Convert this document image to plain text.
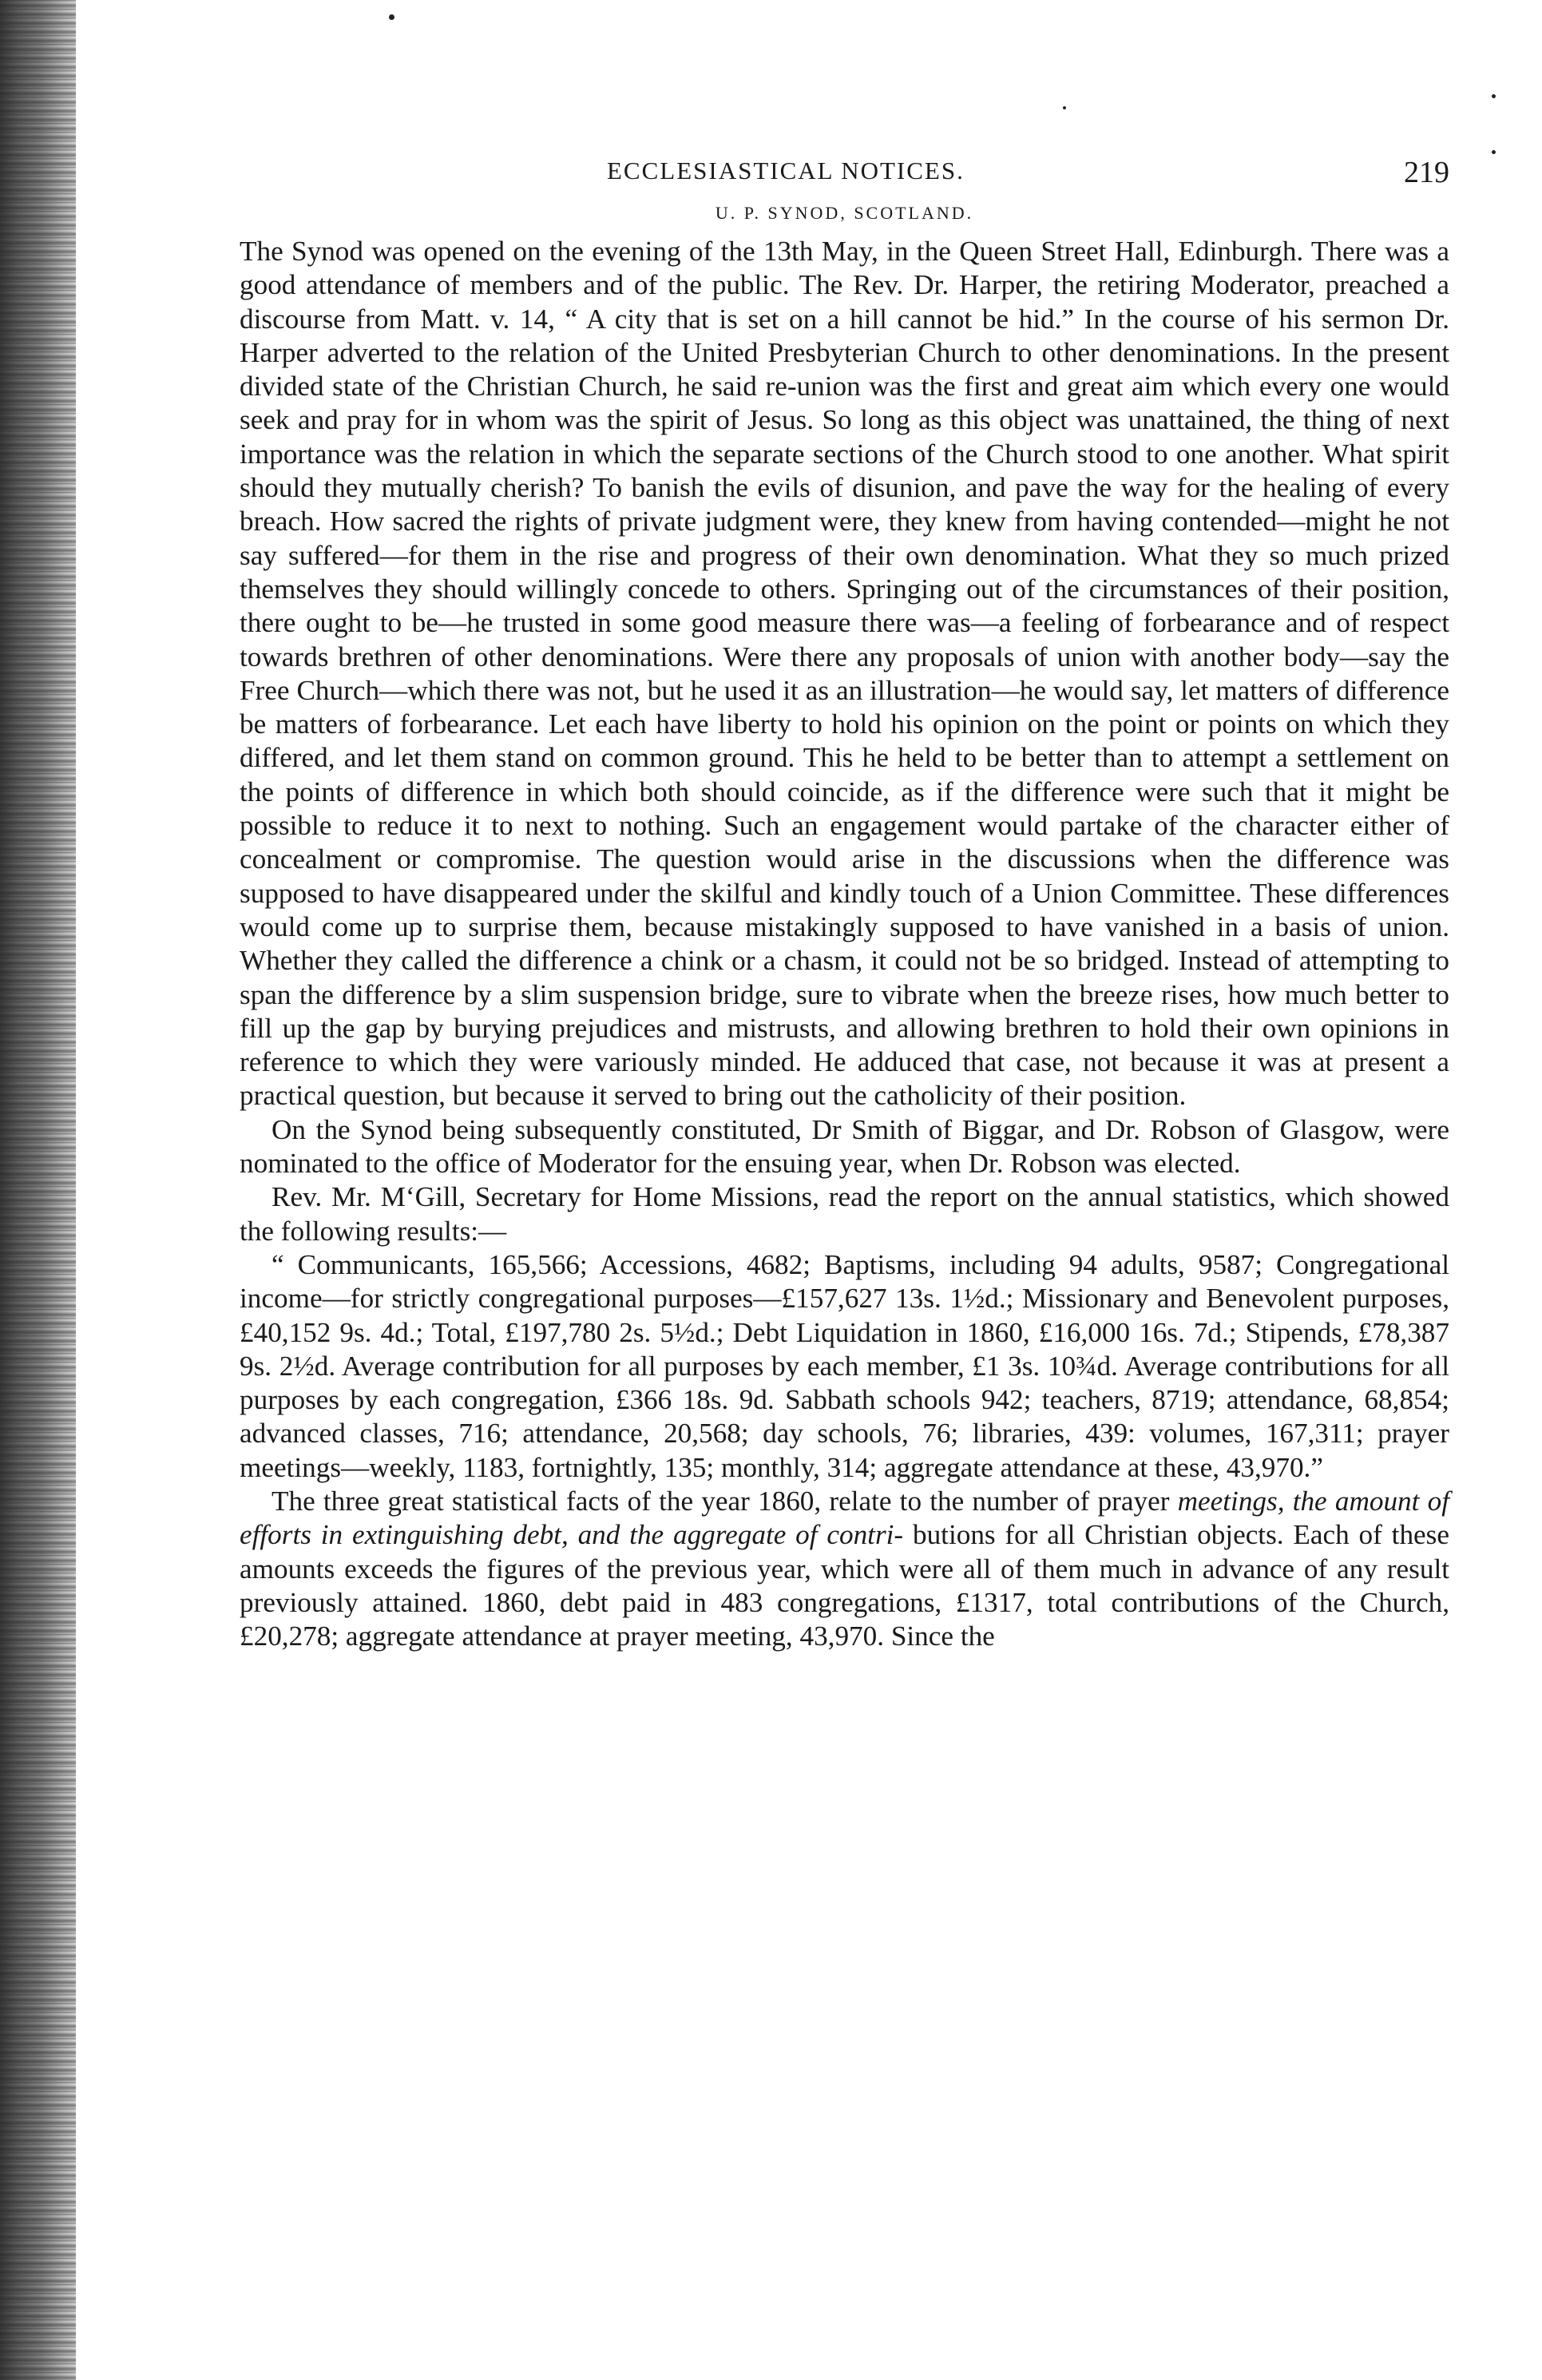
ECCLESIASTICAL NOTICES.	219
U. P. SYNOD, SCOTLAND.

The Synod was opened on the evening of the 13th May, in the Queen Street Hall, Edinburgh. There was a good attendance of members and of the public. The Rev. Dr. Harper, the retiring Moderator, preached a discourse from Matt. v. 14, “ A city that is set on a hill cannot be hid.” In the course of his sermon Dr. Harper adverted to the relation of the United Presbyterian Church to other denominations. In the present divided state of the Christian Church, he said re-union was the first and great aim which every one would seek and pray for in whom was the spirit of Jesus. So long as this object was unattained, the thing of next importance was the relation in which the separate sections of the Church stood to one another. What spirit should they mutually cherish? To banish the evils of disunion, and pave the way for the healing of every breach. How sacred the rights of private judgment were, they knew from having contended—might he not say suffered—for them in the rise and progress of their own denomination. What they so much prized themselves they should willingly concede to others. Springing out of the circumstances of their position, there ought to be—he trusted in some good measure there was—a feeling of forbearance and of respect towards brethren of other denominations. Were there any proposals of union with another body—say the Free Church—which there was not, but he used it as an illustration—he would say, let matters of difference be matters of forbearance. Let each have liberty to hold his opinion on the point or points on which they differed, and let them stand on common ground. This he held to be better than to attempt a settlement on the points of difference in which both should coincide, as if the difference were such that it might be possible to reduce it to next to nothing. Such an engagement would partake of the character either of concealment or compromise. The question would arise in the discussions when the difference was supposed to have disappeared under the skilful and kindly touch of a Union Committee. These differences would come up to surprise them, because mistakingly supposed to have vanished in a basis of union. Whether they called the difference a chink or a chasm, it could not be so bridged. Instead of attempting to span the difference by a slim suspension bridge, sure to vibrate when the breeze rises, how much better to fill up the gap by burying prejudices and mistrusts, and allowing brethren to hold their own opinions in reference to which they were variously minded. He adduced that case, not because it was at present a practical question, but because it served to bring out the catholicity of their position.

On the Synod being subsequently constituted, Dr Smith of Biggar, and Dr. Robson of Glasgow, were nominated to the office of Moderator for the ensuing year, when Dr. Robson was elected.

Rev. Mr. M‘Gill, Secretary for Home Missions, read the report on the annual statistics, which showed the following results:—

“ Communicants, 165,566; Accessions, 4682; Baptisms, including 94 adults, 9587; Congregational income—for strictly congregational purposes—£157,627 13s. 1½d.; Missionary and Benevolent purposes, £40,152 9s. 4d.; Total, £197,780 2s. 5½d.; Debt Liquidation in 1860, £16,000 16s. 7d.; Stipends, £78,387 9s. 2½d. Average contribution for all purposes by each member, £1 3s. 10¾d. Average contributions for all purposes by each congregation, £366 18s. 9d. Sabbath schools 942; teachers, 8719; attendance, 68,854; advanced classes, 716; attendance, 20,568; day schools, 76; libraries, 439: volumes, 167,311; prayer meetings—weekly, 1183, fortnightly, 135; monthly, 314; aggregate attendance at these, 43,970.”

The three great statistical facts of the year 1860, relate to the number of prayer meetings, the amount of efforts in extinguishing debt, and the aggregate of contri- butions for all Christian objects. Each of these amounts exceeds the figures of the previous year, which were all of them much in advance of any result previously attained. 1860, debt paid in 483 congregations, £1317, total contributions of the Church, £20,278; aggregate attendance at prayer meeting, 43,970. Since the
